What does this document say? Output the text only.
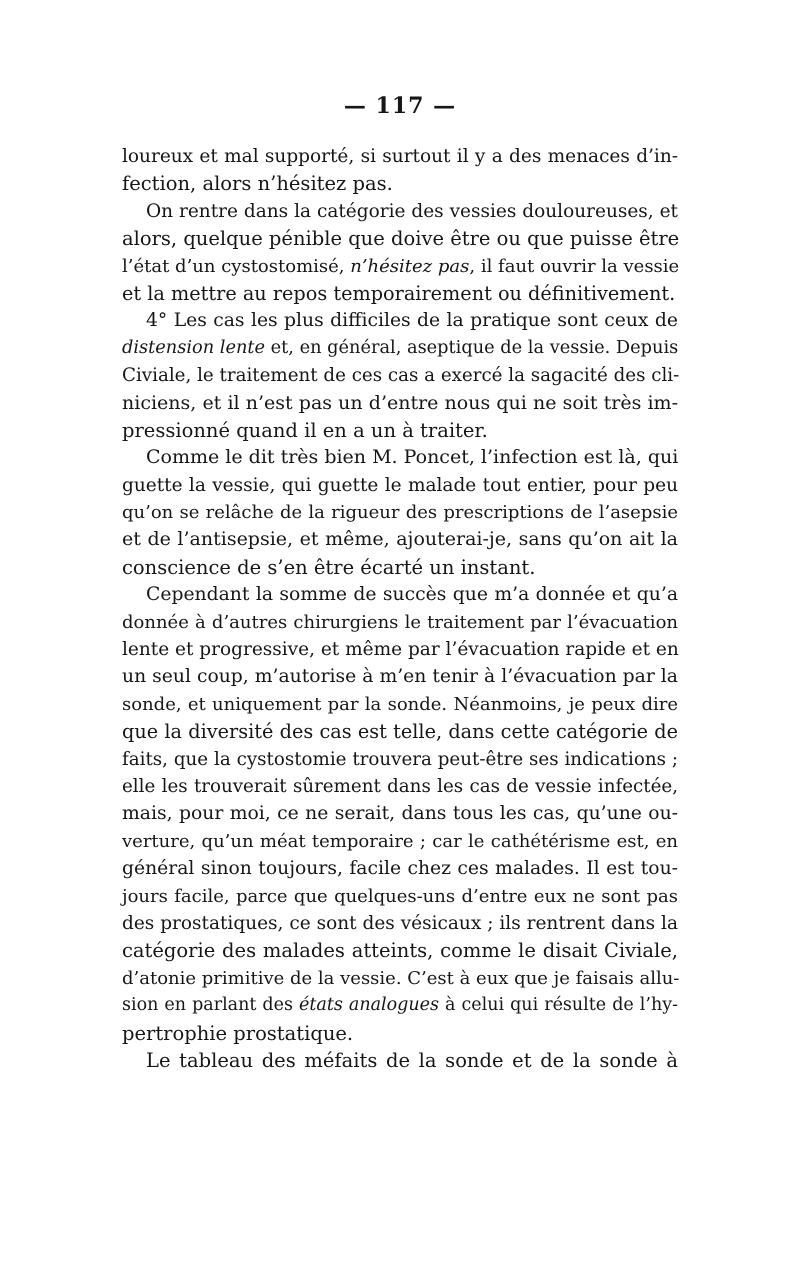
— 117 —
loureux et mal supporté, si surtout il y a des menaces d’in-
fection, alors n’hésitez pas.
On rentre dans la catégorie des vessies douloureuses, et
alors, quelque pénible que doive être ou que puisse être
l’état d’un cystostomisé, n’hésitez pas, il faut ouvrir la vessie
et la mettre au repos temporairement ou définitivement.
4° Les cas les plus difficiles de la pratique sont ceux de
distension lente et, en général, aseptique de la vessie. Depuis
Civiale, le traitement de ces cas a exercé la sagacité des cli-
niciens, et il n’est pas un d’entre nous qui ne soit très im-
pressionné quand il en a un à traiter.
Comme le dit très bien M. Poncet, l’infection est là, qui
guette la vessie, qui guette le malade tout entier, pour peu
qu’on se relâche de la rigueur des prescriptions de l’asepsie
et de l’antisepsie, et même, ajouterai-je, sans qu’on ait la
conscience de s’en être écarté un instant.
Cependant la somme de succès que m’a donnée et qu’a
donnée à d’autres chirurgiens le traitement par l’évacuation
lente et progressive, et même par l’évacuation rapide et en
un seul coup, m’autorise à m’en tenir à l’évacuation par la
sonde, et uniquement par la sonde. Néanmoins, je peux dire
que la diversité des cas est telle, dans cette catégorie de
faits, que la cystostomie trouvera peut-être ses indications ;
elle les trouverait sûrement dans les cas de vessie infectée,
mais, pour moi, ce ne serait, dans tous les cas, qu’une ou-
verture, qu’un méat temporaire ; car le cathétérisme est, en
général sinon toujours, facile chez ces malades. Il est tou-
jours facile, parce que quelques-uns d’entre eux ne sont pas
des prostatiques, ce sont des vésicaux ; ils rentrent dans la
catégorie des malades atteints, comme le disait Civiale,
d’atonie primitive de la vessie. C’est à eux que je faisais allu-
sion en parlant des états analogues à celui qui résulte de l’hy-
pertrophie prostatique.
Le tableau des méfaits de la sonde et de la sonde à
